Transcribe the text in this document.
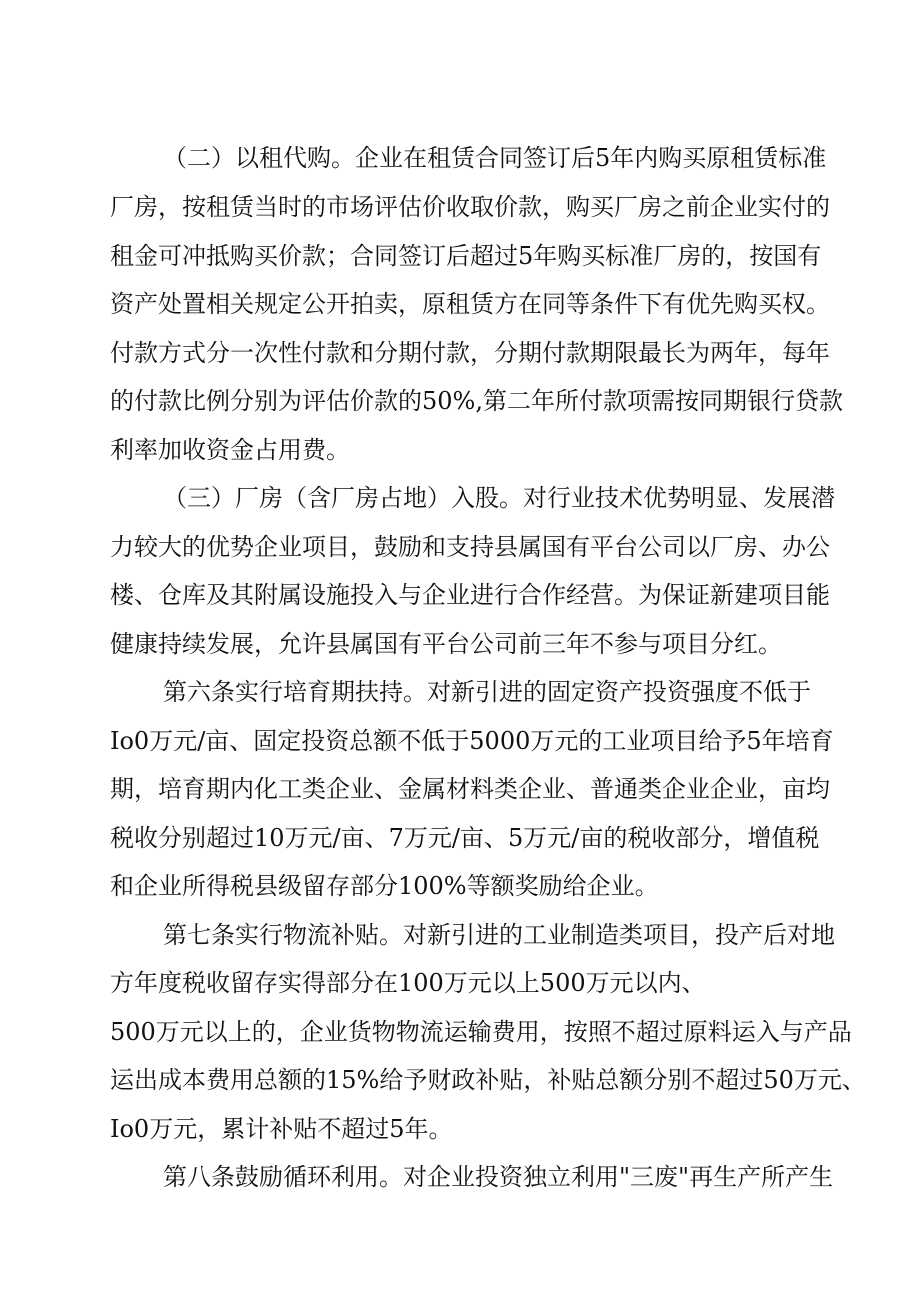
（二）以租代购。企业在租赁合同签订后5年内购买原租赁标准
厂房，按租赁当时的市场评估价收取价款，购买厂房之前企业实付的
租金可冲抵购买价款；合同签订后超过5年购买标准厂房的，按国有
资产处置相关规定公开拍卖，原租赁方在同等条件下有优先购买权。
付款方式分一次性付款和分期付款，分期付款期限最长为两年，每年
的付款比例分别为评估价款的50%,第二年所付款项需按同期银行贷款
利率加收资金占用费。
（三）厂房（含厂房占地）入股。对行业技术优势明显、发展潜
力较大的优势企业项目，鼓励和支持县属国有平台公司以厂房、办公
楼、仓库及其附属设施投入与企业进行合作经营。为保证新建项目能
健康持续发展，允许县属国有平台公司前三年不参与项目分红。
第六条实行培育期扶持。对新引进的固定资产投资强度不低于
Io0万元/亩、固定投资总额不低于5000万元的工业项目给予5年培育
期，培育期内化工类企业、金属材料类企业、普通类企业企业，亩均
税收分别超过10万元/亩、7万元/亩、5万元/亩的税收部分，增值税
和企业所得税县级留存部分100%等额奖励给企业。
第七条实行物流补贴。对新引进的工业制造类项目，投产后对地
方年度税收留存实得部分在100万元以上500万元以内、
500万元以上的，企业货物物流运输费用，按照不超过原料运入与产品
运出成本费用总额的15%给予财政补贴，补贴总额分别不超过50万元、
Io0万元，累计补贴不超过5年。
第八条鼓励循环利用。对企业投资独立利用"三废"再生产所产生
